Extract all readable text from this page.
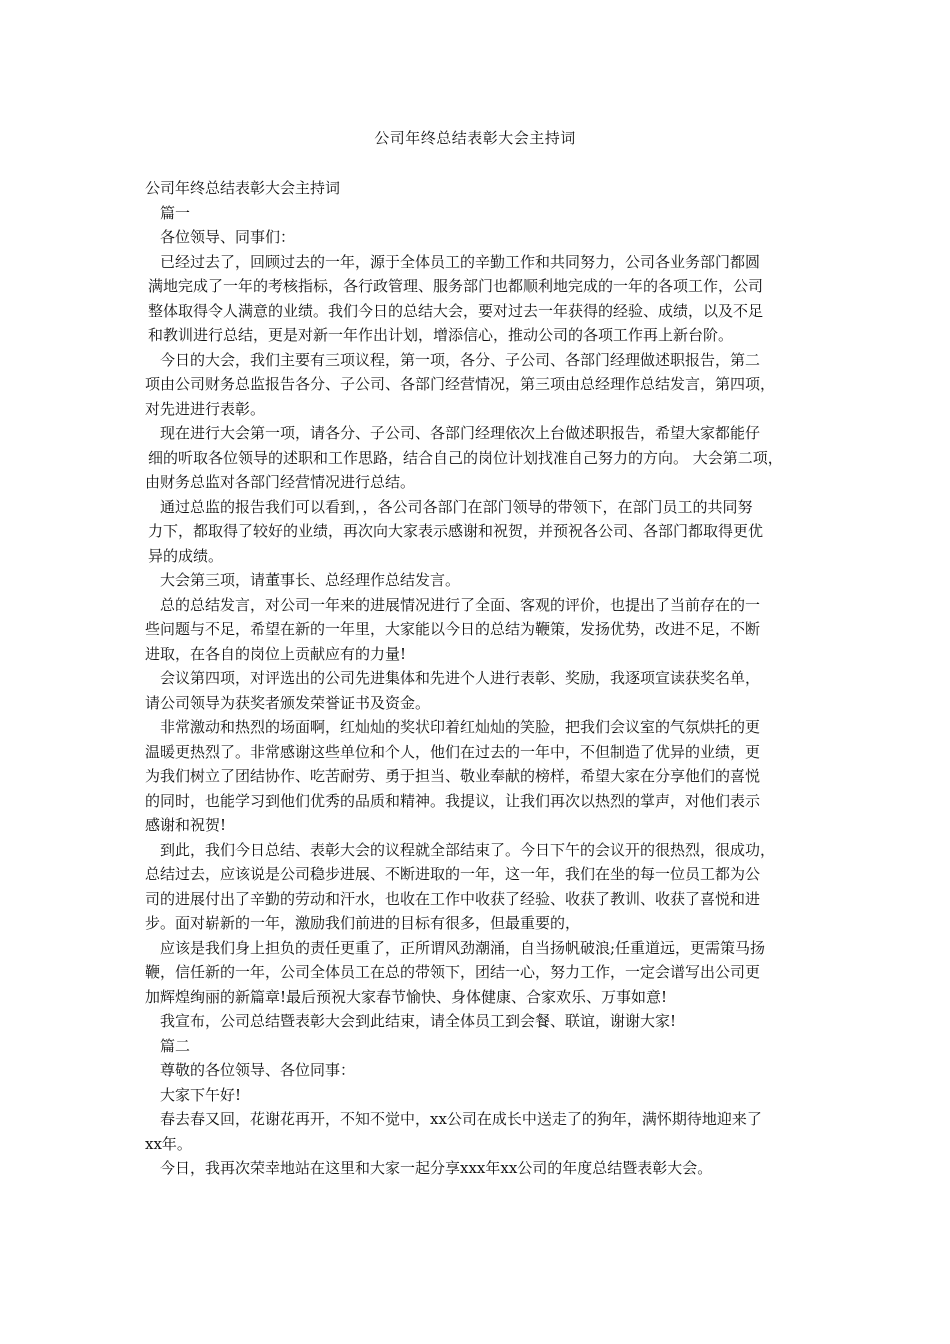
公司年终总结表彰大会主持词
公司年终总结表彰大会主持词
篇一
各位领导、同事们：
已经过去了，回顾过去的一年，源于全体员工的辛勤工作和共同努力，公司各业务部门都圆
满地完成了一年的考核指标，各行政管理、服务部门也都顺利地完成的一年的各项工作，公司
整体取得令人满意的业绩。我们今日的总结大会，要对过去一年获得的经验、成绩，以及不足
和教训进行总结，更是对新一年作出计划，增添信心，推动公司的各项工作再上新台阶。
今日的大会，我们主要有三项议程，第一项，各分、子公司、各部门经理做述职报告，第二
项由公司财务总监报告各分、子公司、各部门经营情况，第三项由总经理作总结发言，第四项，
对先进进行表彰。
现在进行大会第一项，请各分、子公司、各部门经理依次上台做述职报告，希望大家都能仔
细的听取各位领导的述职和工作思路，结合自己的岗位计划找准自己努力的方向。 大会第二项，
由财务总监对各部门经营情况进行总结。
通过总监的报告我们可以看到，，各公司各部门在部门领导的带领下，在部门员工的共同努
力下，都取得了较好的业绩，再次向大家表示感谢和祝贺，并预祝各公司、各部门都取得更优
异的成绩。
大会第三项，请董事长、总经理作总结发言。
总的总结发言，对公司一年来的进展情况进行了全面、客观的评价，也提出了当前存在的一
些问题与不足，希望在新的一年里，大家能以今日的总结为鞭策，发扬优势，改进不足，不断
进取，在各自的岗位上贡献应有的力量!
会议第四项，对评选出的公司先进集体和先进个人进行表彰、奖励，我逐项宣读获奖名单，
请公司领导为获奖者颁发荣誉证书及资金。
非常激动和热烈的场面啊，红灿灿的奖状印着红灿灿的笑脸，把我们会议室的气氛烘托的更
温暖更热烈了。非常感谢这些单位和个人，他们在过去的一年中，不但制造了优异的业绩，更
为我们树立了团结协作、吃苦耐劳、勇于担当、敬业奉献的榜样，希望大家在分享他们的喜悦
的同时，也能学习到他们优秀的品质和精神。我提议，让我们再次以热烈的掌声，对他们表示
感谢和祝贺!
到此，我们今日总结、表彰大会的议程就全部结束了。今日下午的会议开的很热烈，很成功，
总结过去，应该说是公司稳步进展、不断进取的一年，这一年，我们在坐的每一位员工都为公
司的进展付出了辛勤的劳动和汗水，也收在工作中收获了经验、收获了教训、收获了喜悦和进
步。面对崭新的一年，激励我们前进的目标有很多，但最重要的，
应该是我们身上担负的责任更重了，正所谓风劲潮涌，自当扬帆破浪;任重道远，更需策马扬
鞭，信任新的一年，公司全体员工在总的带领下，团结一心，努力工作，一定会谱写出公司更
加辉煌绚丽的新篇章!最后预祝大家春节愉快、身体健康、合家欢乐、万事如意!
我宣布，公司总结暨表彰大会到此结束，请全体员工到会餐、联谊，谢谢大家!
篇二
尊敬的各位领导、各位同事：
大家下午好!
春去春又回，花谢花再开，不知不觉中，xx公司在成长中送走了的狗年，满怀期待地迎来了
xx年。
今日，我再次荣幸地站在这里和大家一起分享xxx年xx公司的年度总结暨表彰大会。
